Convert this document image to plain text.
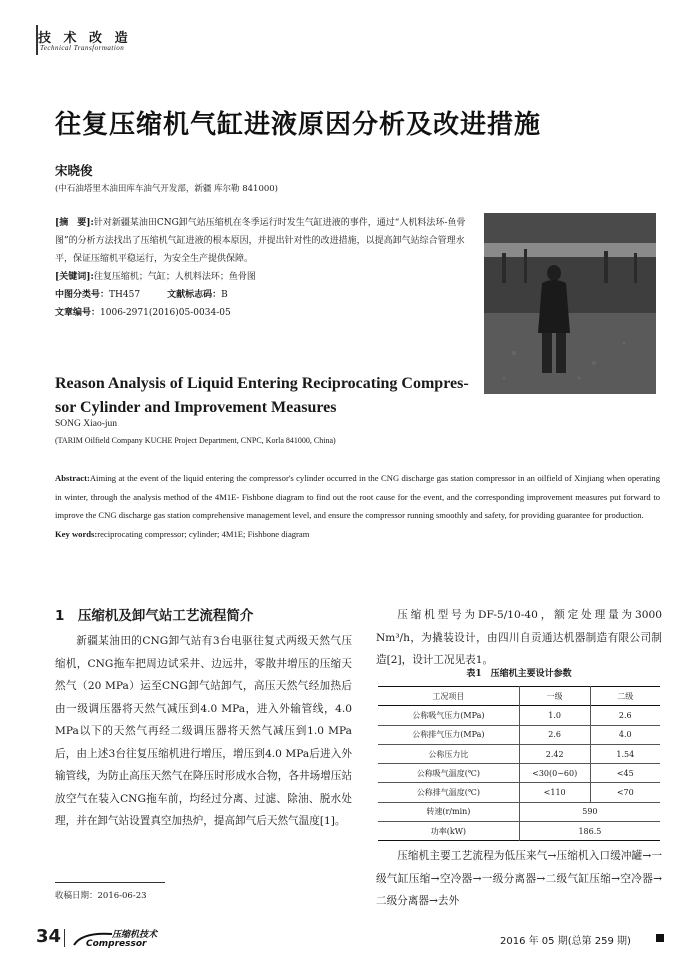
技 术 改 造
Technical Transformation
往复压缩机气缸进液原因分析及改进措施
宋晓俊
(中石油塔里木油田库车油气开发部，新疆 库尔勒 841000)
[摘　要]:针对新疆某油田CNG卸气站压缩机在冬季运行时发生气缸进液的事件，通过“人机料法环-鱼骨图”的分析方法找出了压缩机气缸进液的根本原因，并提出针对性的改进措施，以提高卸气站综合管理水平，保证压缩机平稳运行，为安全生产提供保障。
[关键词]:往复压缩机；气缸；人机料法环；鱼骨图
中图分类号：TH457　　　	文献标志码：B
文章编号：1006-2971(2016)05-0034-05
Reason Analysis of Liquid Entering Reciprocating Compres-sor Cylinder and Improvement Measures
SONG Xiao-jun
(TARIM Oilfield Company KUCHE Project Department, CNPC, Korla 841000, China)
Abstract:Aiming at the event of the liquid entering the compressor's cylinder occurred in the CNG discharge gas station compressor in an oilfield of Xinjiang when operating in winter, through the analysis method of the 4M1E- Fishbone diagram to find out the root cause for the event, and the corresponding improvement measures put forward to improve the CNG discharge gas station comprehensive management level, and ensure the compressor running smoothly and safety, for providing guarantee for production.
Key words:reciprocating compressor; cylinder; 4M1E; Fishbone diagram
1　压缩机及卸气站工艺流程简介
新疆某油田的CNG卸气站有3台电驱往复式两级天然气压缩机，CNG拖车把周边试采井、边远井，零散井增压的压缩天然气（20 MPa）运至CNG卸气站卸气，高压天然气经加热后由一级调压器将天然气减压到4.0 MPa，进入外输管线，4.0 MPa以下的天然气再经二级调压器将天然气减压到1.0 MPa后，由上述3台往复压缩机进行增压，增压到4.0 MPa后进入外输管线，为防止高压天然气在降压时形成水合物，各井场增压站放空气在装入CNG拖车前，均经过分离、过滤、除油、脱水处理，并在卸气站设置真空加热炉，提高卸气后天然气温度[1]。
压缩机型号为DF-5/10-40，额定处理量为3000 Nm³/h，为撬装设计，由四川自贡通达机器制造有限公司制造[2]，设计工况见表1。
表1　压缩机主要设计参数
工况项目	一级	二级
公称吸气压力(MPa)	1.0	2.6
公称排气压力(MPa)	2.6	4.0
公称压力比	2.42	1.54
公称吸气温度(℃)	<30(0~60)	<45
公称排气温度(℃)	<110	<70
转速(r/min)	590	
功率(kW)	186.5	
压缩机主要工艺流程为低压来气→压缩机入口缓冲罐→一级气缸压缩→空冷器→一级分离器→二级气缸压缩→空冷器→二级分离器→去外
收稿日期：2016-06-23
34	压缩机技术
Compressor	2016 年 05 期(总第 259 期)
